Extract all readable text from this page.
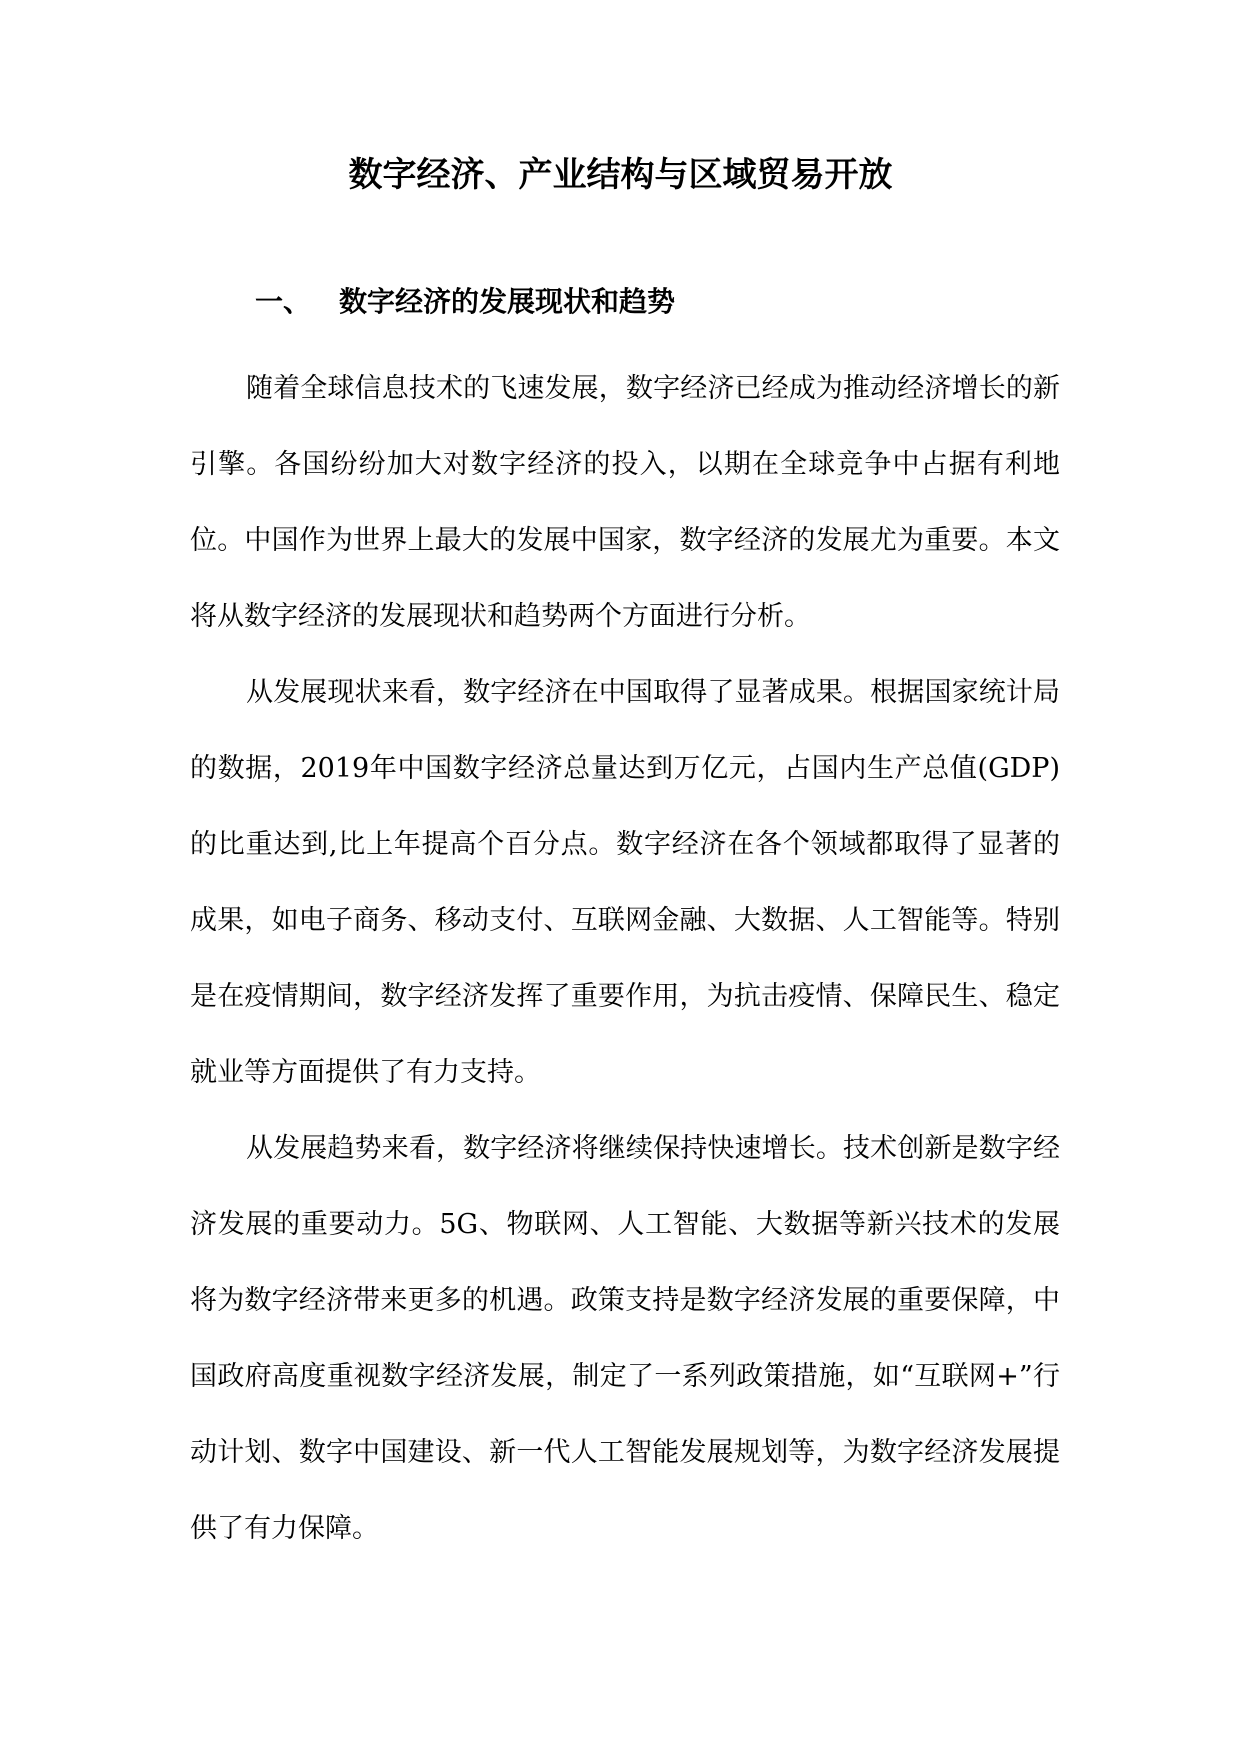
数字经济、产业结构与区域贸易开放
一、 数字经济的发展现状和趋势

随着全球信息技术的飞速发展，数字经济已经成为推动经济增长的新引擎。各国纷纷加大对数字经济的投入，以期在全球竞争中占据有利地位。中国作为世界上最大的发展中国家，数字经济的发展尤为重要。本文将从数字经济的发展现状和趋势两个方面进行分析。

从发展现状来看，数字经济在中国取得了显著成果。根据国家统计局的数据，2019年中国数字经济总量达到万亿元，占国内生产总值(GDP)的比重达到,比上年提高个百分点。数字经济在各个领域都取得了显著的成果，如电子商务、移动支付、互联网金融、大数据、人工智能等。特别是在疫情期间，数字经济发挥了重要作用，为抗击疫情、保障民生、稳定就业等方面提供了有力支持。

从发展趋势来看，数字经济将继续保持快速增长。技术创新是数字经济发展的重要动力。5G、物联网、人工智能、大数据等新兴技术的发展将为数字经济带来更多的机遇。政策支持是数字经济发展的重要保障，中国政府高度重视数字经济发展，制定了一系列政策措施，如“互联网+”行动计划、数字中国建设、新一代人工智能发展规划等，为数字经济发展提供了有力保障。
